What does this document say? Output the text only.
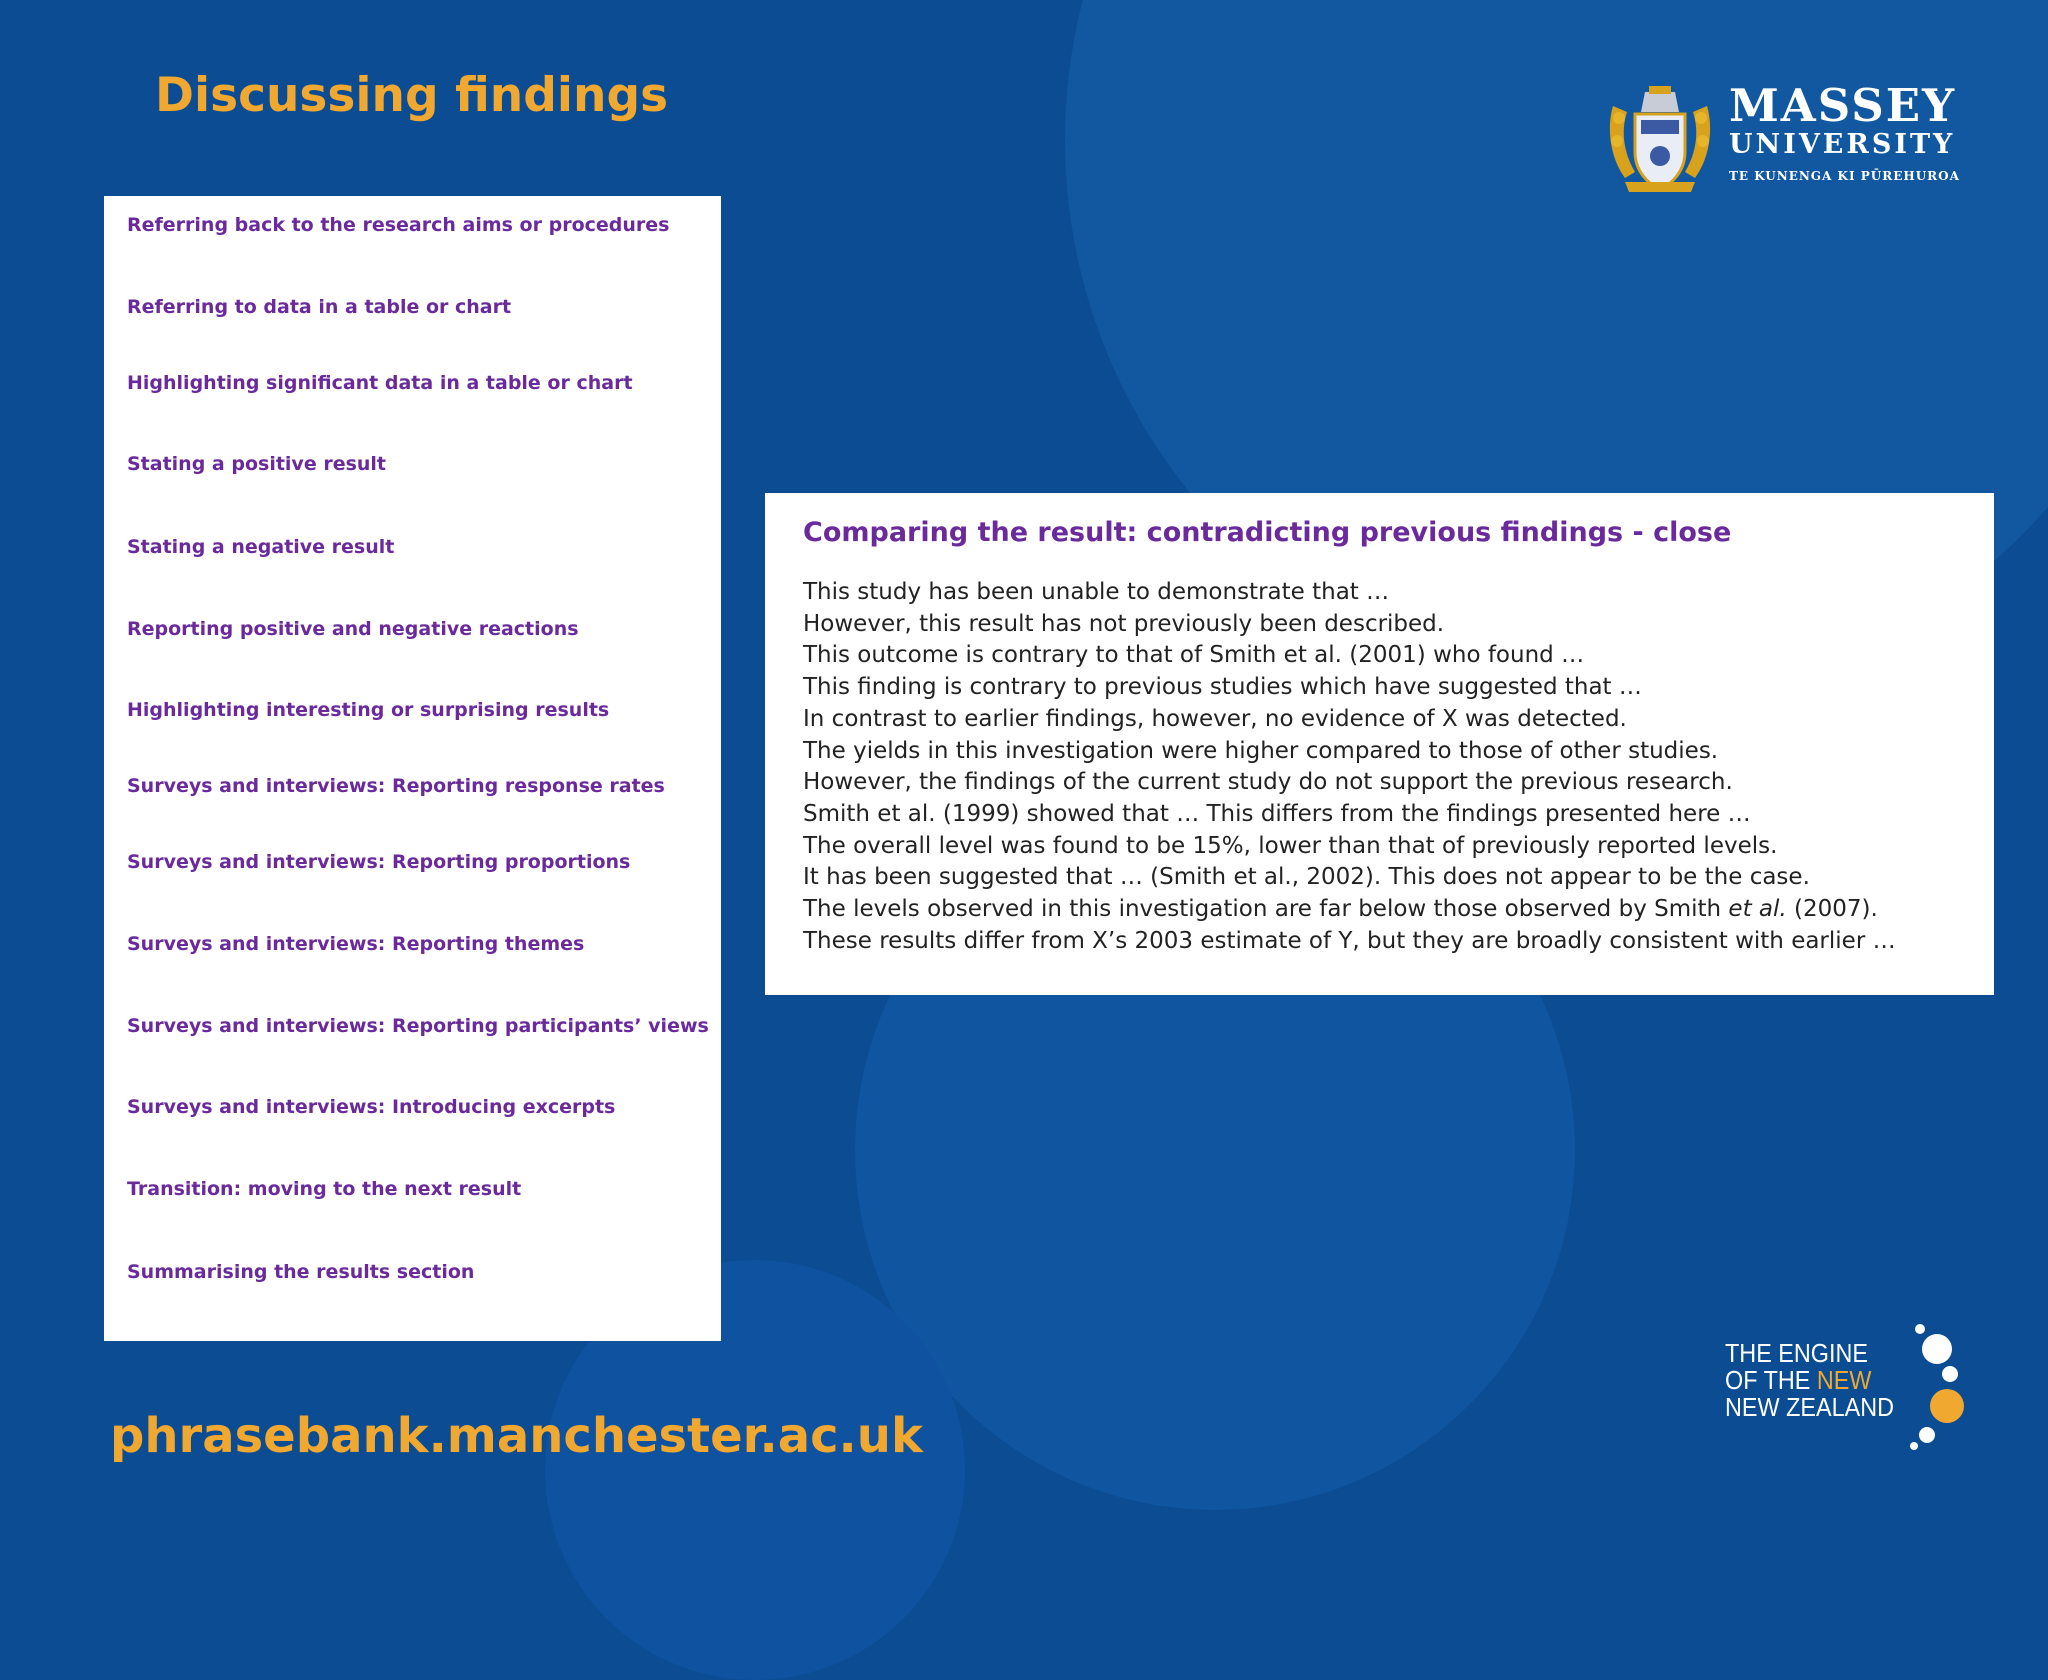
Discussing findings	MASSEY
UNIVERSITY
TE KUNENGA KI PŪREHUROA
Referring back to the research aims or procedures
Referring to data in a table or chart
Highlighting significant data in a table or chart
Stating a positive result
Stating a negative result
Reporting positive and negative reactions
Highlighting interesting or surprising results
Surveys and interviews: Reporting response rates
Surveys and interviews: Reporting proportions
Surveys and interviews: Reporting themes
Surveys and interviews: Reporting participants’ views
Surveys and interviews: Introducing excerpts
Transition: moving to the next result
Summarising the results section
Comparing the result: contradicting previous findings - close
This study has been unable to demonstrate that …
However, this result has not previously been described.
This outcome is contrary to that of Smith et al. (2001) who found …
This finding is contrary to previous studies which have suggested that …
In contrast to earlier findings, however, no evidence of X was detected.
The yields in this investigation were higher compared to those of other studies.
However, the findings of the current study do not support the previous research.
Smith et al. (1999) showed that … This differs from the findings presented here …
The overall level was found to be 15%, lower than that of previously reported levels.
It has been suggested that … (Smith et al., 2002). This does not appear to be the case.
The levels observed in this investigation are far below those observed by Smith et al. (2007).
These results differ from X’s 2003 estimate of Y, but they are broadly consistent with earlier …

phrasebank.manchester.ac.uk

THE ENGINE
OF THE NEW
NEW ZEALAND
